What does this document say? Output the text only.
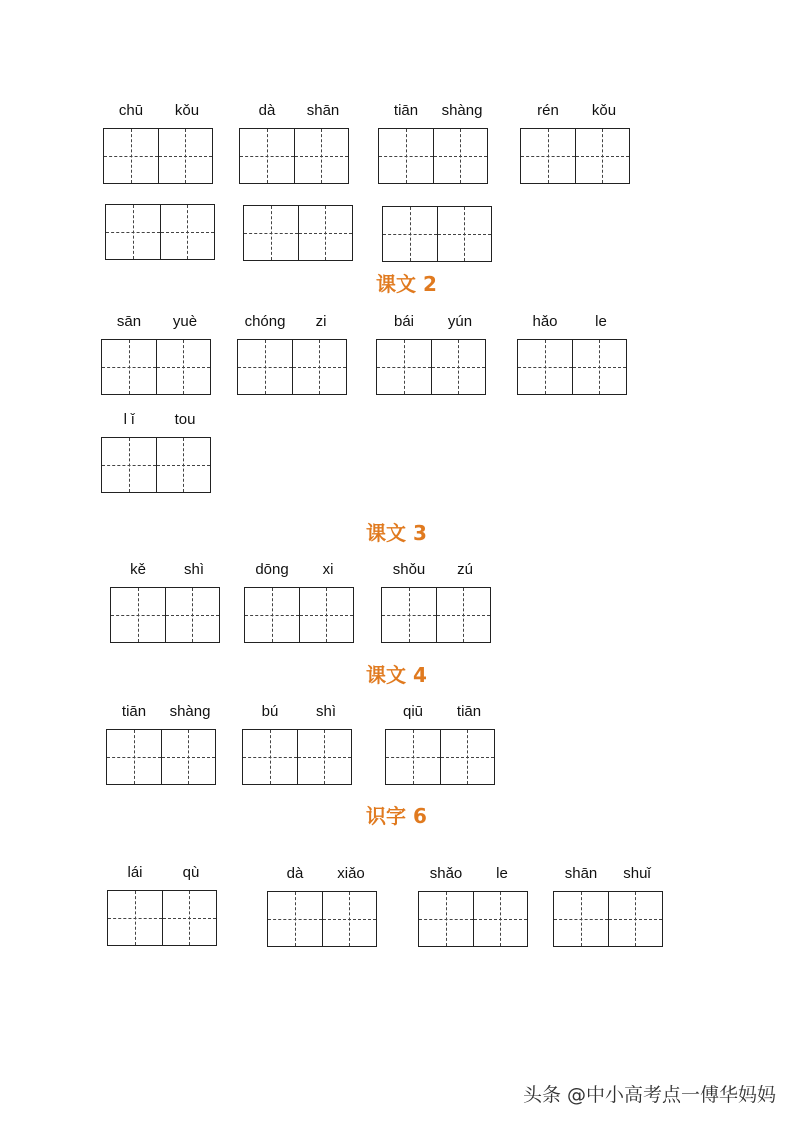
课文 2
课文 3
课文 4
识字 6
chū	kǒu	dà	shān	tiān	shàng	rén	kǒu
sān	yuè	chóng	zi	bái	yún	hǎo	le
l ǐ	tou
kě	shì	dōng	xi	shǒu	zú
tiān	shàng	bú	shì	qiū	tiān
lái	qù	dà	xiǎo	shǎo	le	shān	shuǐ
头条 @中小高考点一傅华妈妈
